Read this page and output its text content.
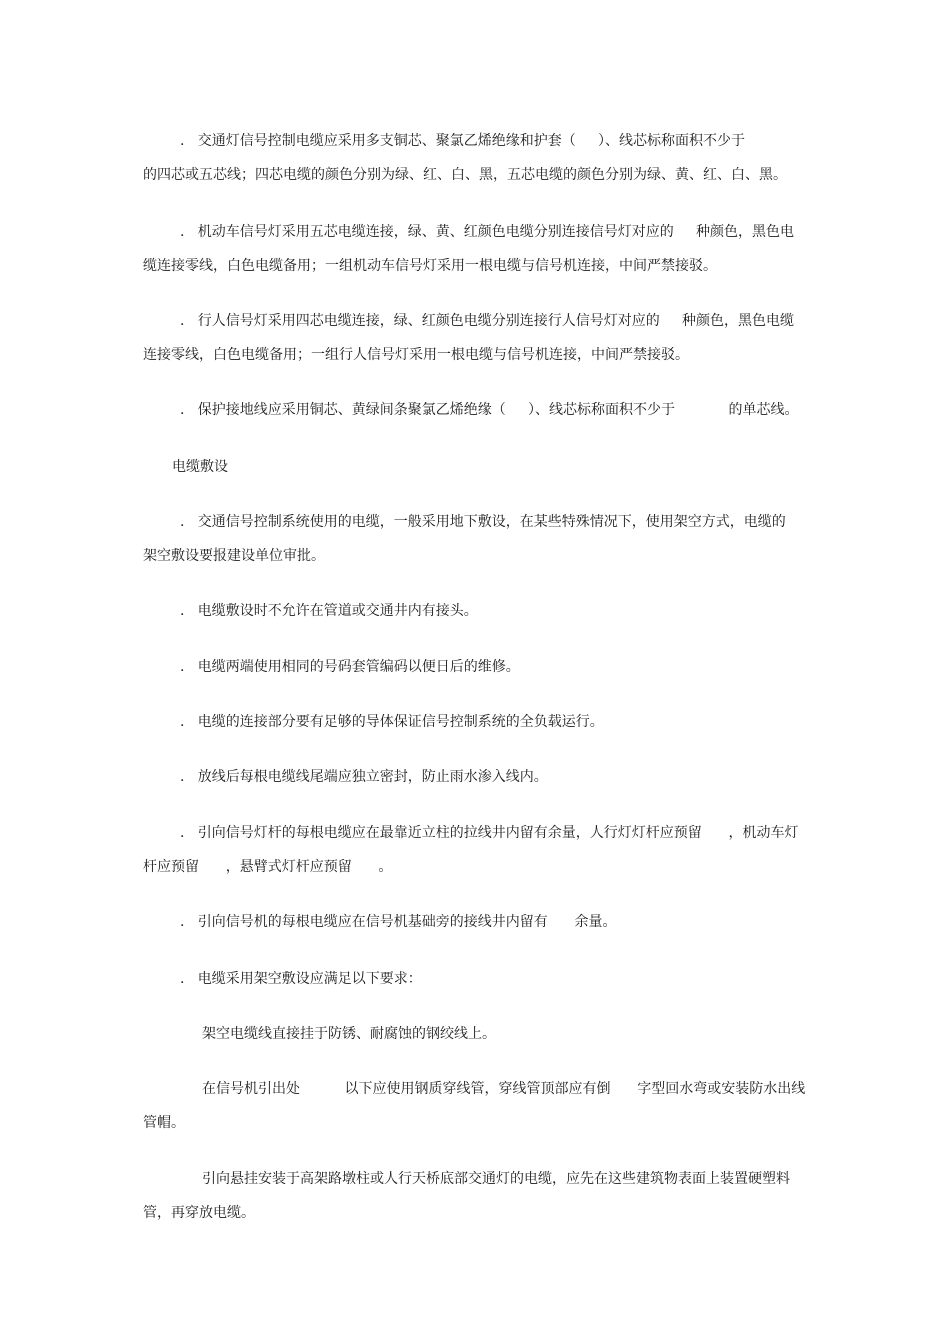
.   交通灯信号控制电缆应采用多支铜芯、聚氯乙烯绝缘和护套（     ）、线芯标称面积不少于
的四芯或五芯线；四芯电缆的颜色分别为绿、红、白、黑，五芯电缆的颜色分别为绿、黄、红、白、黑。
.   机动车信号灯采用五芯电缆连接，绿、黄、红颜色电缆分别连接信号灯对应的     种颜色，黑色电
缆连接零线，白色电缆备用；一组机动车信号灯采用一根电缆与信号机连接，中间严禁接驳。
.   行人信号灯采用四芯电缆连接，绿、红颜色电缆分别连接行人信号灯对应的     种颜色，黑色电缆
连接零线，白色电缆备用；一组行人信号灯采用一根电缆与信号机连接，中间严禁接驳。
.   保护接地线应采用铜芯、黄绿间条聚氯乙烯绝缘（     ）、线芯标称面积不少于            的单芯线。
电缆敷设
.   交通信号控制系统使用的电缆，一般采用地下敷设，在某些特殊情况下，使用架空方式，电缆的
架空敷设要报建设单位审批。
.   电缆敷设时不允许在管道或交通井内有接头。
.   电缆两端使用相同的号码套管编码以便日后的维修。
.   电缆的连接部分要有足够的导体保证信号控制系统的全负载运行。
.   放线后每根电缆线尾端应独立密封，防止雨水渗入线内。
.   引向信号灯杆的每根电缆应在最靠近立柱的拉线井内留有余量，人行灯灯杆应预留      ，机动车灯
杆应预留      ，悬臂式灯杆应预留      。
.   引向信号机的每根电缆应在信号机基础旁的接线井内留有      余量。
.   电缆采用架空敷设应满足以下要求：
架空电缆线直接挂于防锈、耐腐蚀的钢绞线上。
在信号机引出处          以下应使用钢质穿线管，穿线管顶部应有倒      字型回水弯或安装防水出线
管帽。
引向悬挂安装于高架路墩柱或人行天桥底部交通灯的电缆，应先在这些建筑物表面上装置硬塑料
管，再穿放电缆。
